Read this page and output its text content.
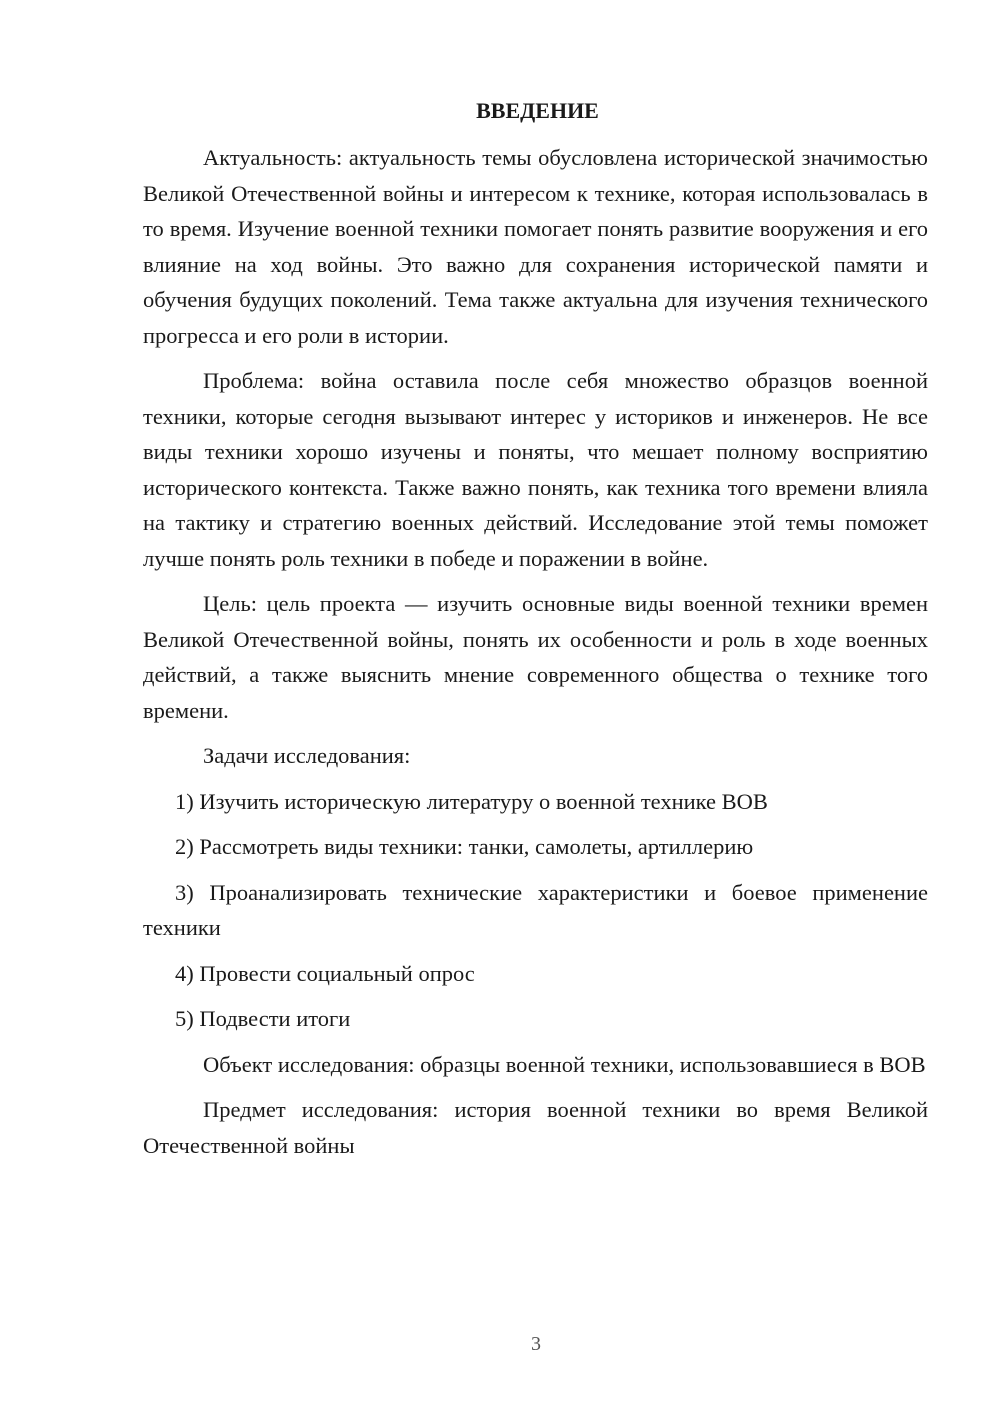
ВВЕДЕНИЕ

Актуальность: актуальность темы обусловлена исторической значимостью Великой Отечественной войны и интересом к технике, которая использовалась в то время. Изучение военной техники помогает понять развитие вооружения и его влияние на ход войны. Это важно для сохранения исторической памяти и обучения будущих поколений. Тема также актуальна для изучения технического прогресса и его роли в истории.

Проблема: война оставила после себя множество образцов военной техники, которые сегодня вызывают интерес у историков и инженеров. Не все виды техники хорошо изучены и поняты, что мешает полному восприятию исторического контекста. Также важно понять, как техника того времени влияла на тактику и стратегию военных действий. Исследование этой темы поможет лучше понять роль техники в победе и поражении в войне.

Цель: цель проекта — изучить основные виды военной техники времен Великой Отечественной войны, понять их особенности и роль в ходе военных действий, а также выяснить мнение современного общества о технике того времени.

Задачи исследования:

1) Изучить историческую литературу о военной технике ВОВ

2) Рассмотреть виды техники: танки, самолеты, артиллерию

3) Проанализировать технические характеристики и боевое применение техники

4) Провести социальный опрос

5) Подвести итоги

Объект исследования: образцы военной техники, использовавшиеся в ВОВ

Предмет исследования: история военной техники во время Великой Отечественной войны

3
